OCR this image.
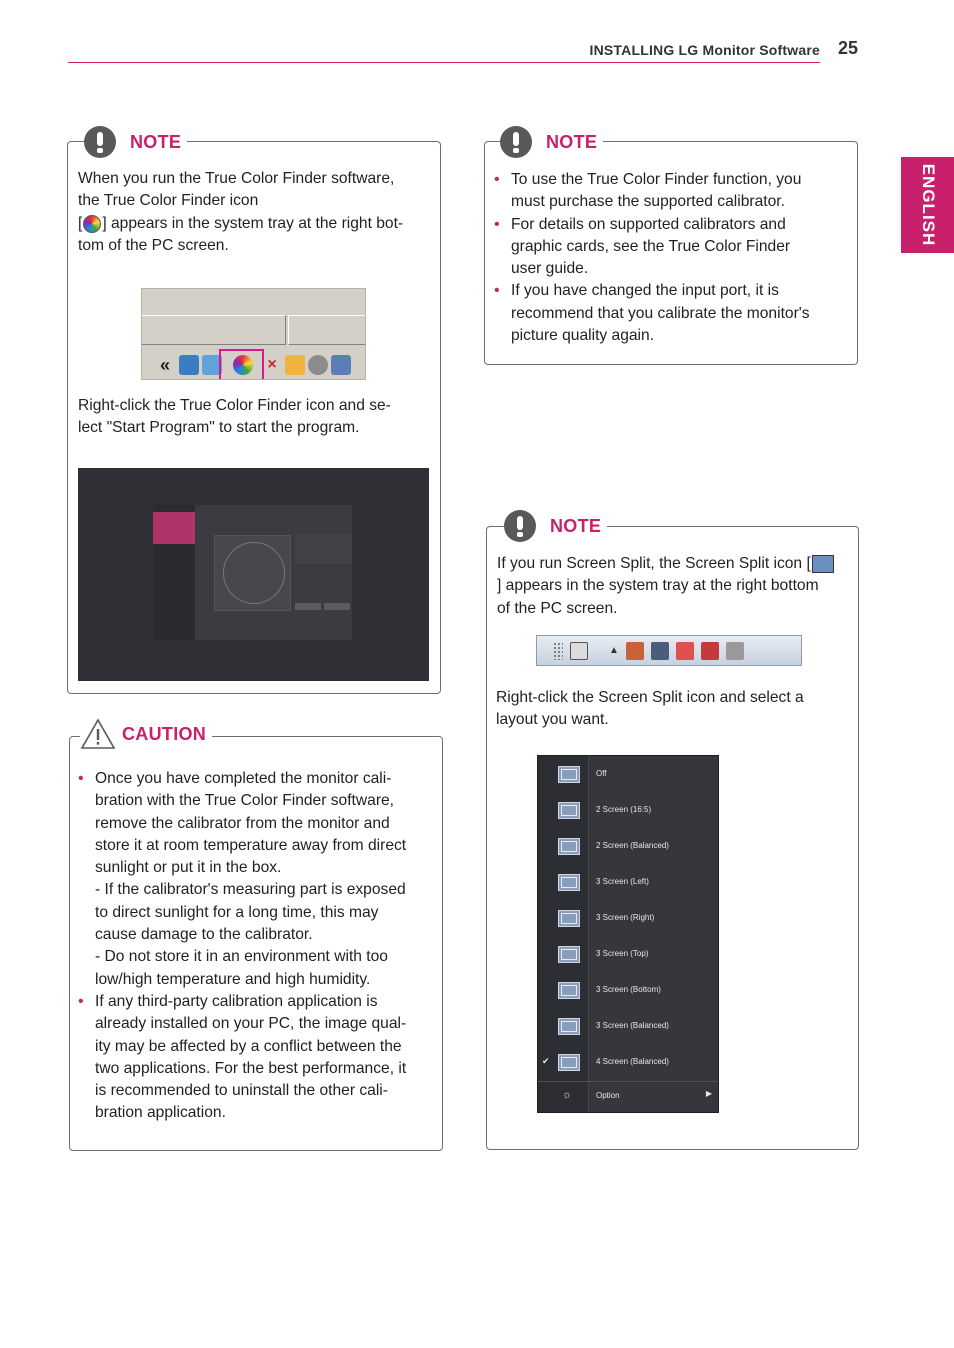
INSTALLING LG Monitor Software 25
ENGLISH
NOTE
When you run the True Color Finder software,
the True Color Finder icon
[ ] appears in the system tray at the right bot-
tom of the PC screen.
«	×
Right-click the True Color Finder icon and se-
lect "Start Program" to start the program.
CAUTION
• Once you have completed the monitor cali-
bration with the True Color Finder software,
remove the calibrator from the monitor and
store it at room temperature away from direct
sunlight or put it in the box.
- If the calibrator's measuring part is exposed
to direct sunlight for a long time, this may
cause damage to the calibrator.
- Do not store it in an environment with too
low/high temperature and high humidity.
• If any third-party calibration application is
already installed on your PC, the image qual-
ity may be affected by a conflict between the
two applications. For the best performance, it
is recommended to uninstall the other cali-
bration application.
NOTE
• To use the True Color Finder function, you
must purchase the supported calibrator.
• For details on supported calibrators and
graphic cards, see the True Color Finder
user guide.
• If you have changed the input port, it is
recommend that you calibrate the monitor's
picture quality again.
NOTE
If you run Screen Split, the Screen Split icon [
] appears in the system tray at the right bottom
of the PC screen.
▲
Right-click the Screen Split icon and select a
layout you want.
Off
2 Screen (16:5)
2 Screen (Balanced)
3 Screen (Left)
3 Screen (Right)
3 Screen (Top)
3 Screen (Bottom)
3 Screen (Balanced)
✔	4 Screen (Balanced)
☼	Option	▶
